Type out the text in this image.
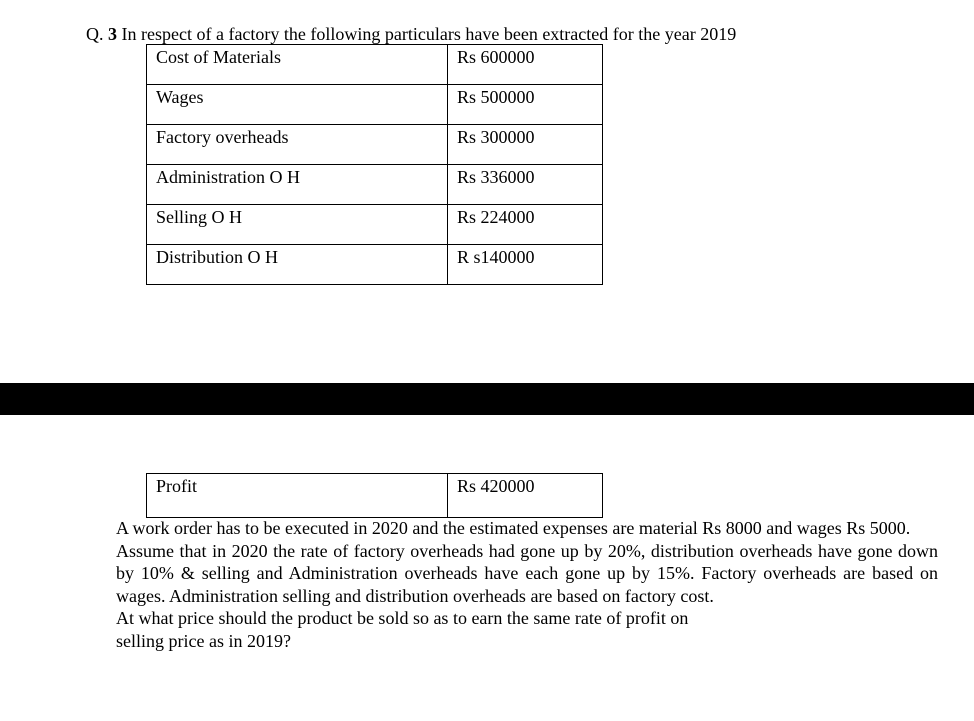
Q. 3 In respect of a factory the following particulars have been extracted for the year 2019
Cost of Materials	Rs 600000
Wages	Rs 500000
Factory overheads	Rs 300000
Administration O H	Rs 336000
Selling O H	Rs 224000
Distribution O H	R s140000
Profit	Rs 420000

A work order has to be executed in 2020 and the estimated expenses are material Rs 8000 and wages Rs 5000.

Assume that in 2020 the rate of factory overheads had gone up by 20%, distribution overheads have gone down by 10% & selling and Administration overheads have each gone up by 15%. Factory overheads are based on wages. Administration selling and distribution overheads are based on factory cost.

At what price should the product be sold so as to earn the same rate of profit on

selling price as in 2019?
